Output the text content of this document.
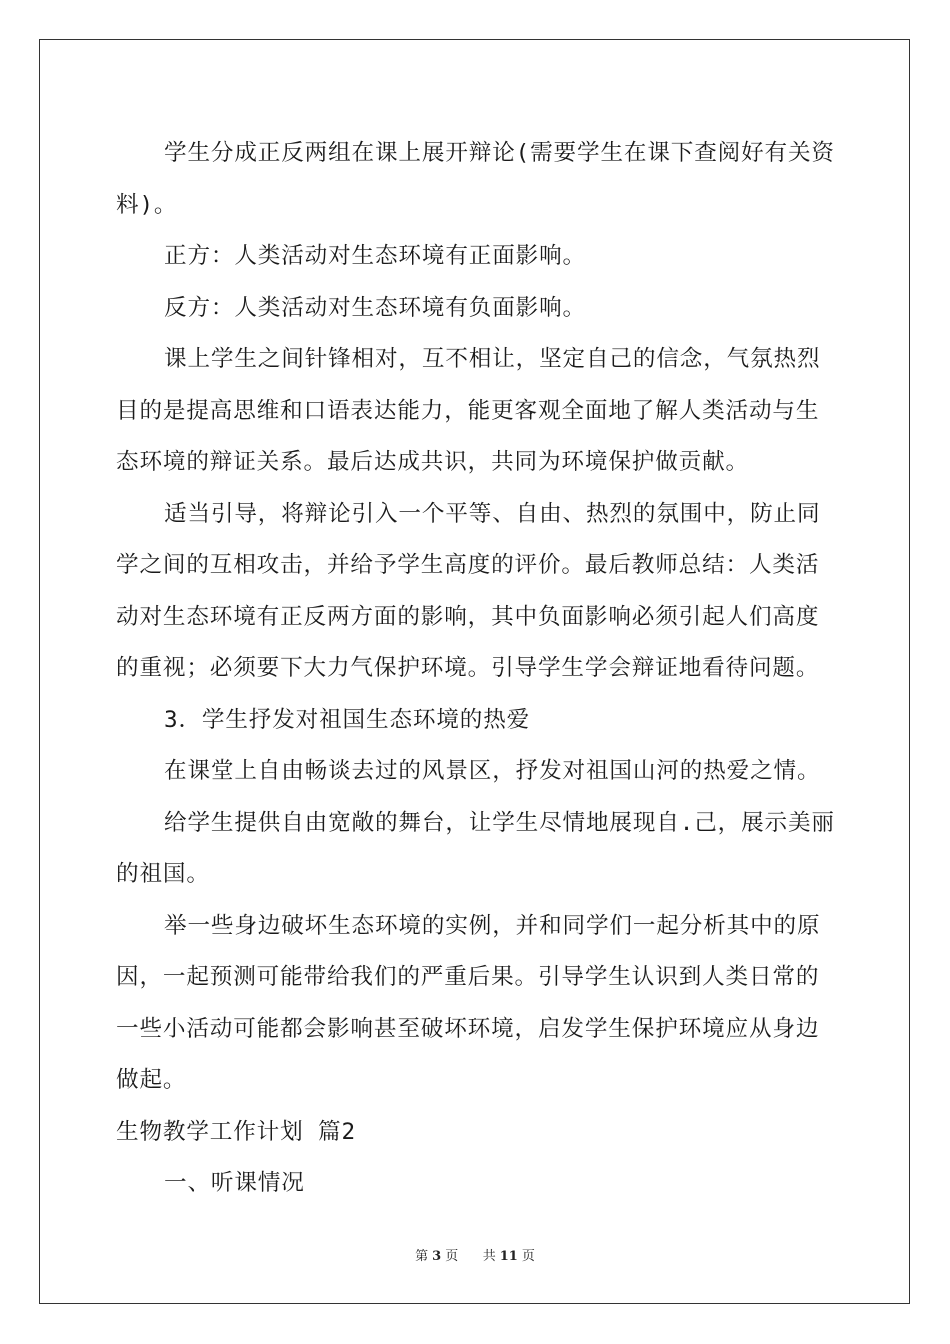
学生分成正反两组在课上展开辩论(需要学生在课下查阅好有关资料)。

正方：人类活动对生态环境有正面影响。

反方：人类活动对生态环境有负面影响。

课上学生之间针锋相对，互不相让，坚定自己的信念，气氛热烈目的是提高思维和口语表达能力，能更客观全面地了解人类活动与生态环境的辩证关系。最后达成共识，共同为环境保护做贡献。

适当引导，将辩论引入一个平等、自由、热烈的氛围中，防止同学之间的互相攻击，并给予学生高度的评价。最后教师总结：人类活动对生态环境有正反两方面的影响，其中负面影响必须引起人们高度的重视；必须要下大力气保护环境。引导学生学会辩证地看待问题。

3．学生抒发对祖国生态环境的热爱

在课堂上自由畅谈去过的风景区，抒发对祖国山河的热爱之情。

给学生提供自由宽敞的舞台，让学生尽情地展现自.己，展示美丽的祖国。

举一些身边破坏生态环境的实例，并和同学们一起分析其中的原因，一起预测可能带给我们的严重后果。引导学生认识到人类日常的一些小活动可能都会影响甚至破坏环境，启发学生保护环境应从身边做起。

生物教学工作计划 篇2

一、听课情况

第 3 页 共 11 页
